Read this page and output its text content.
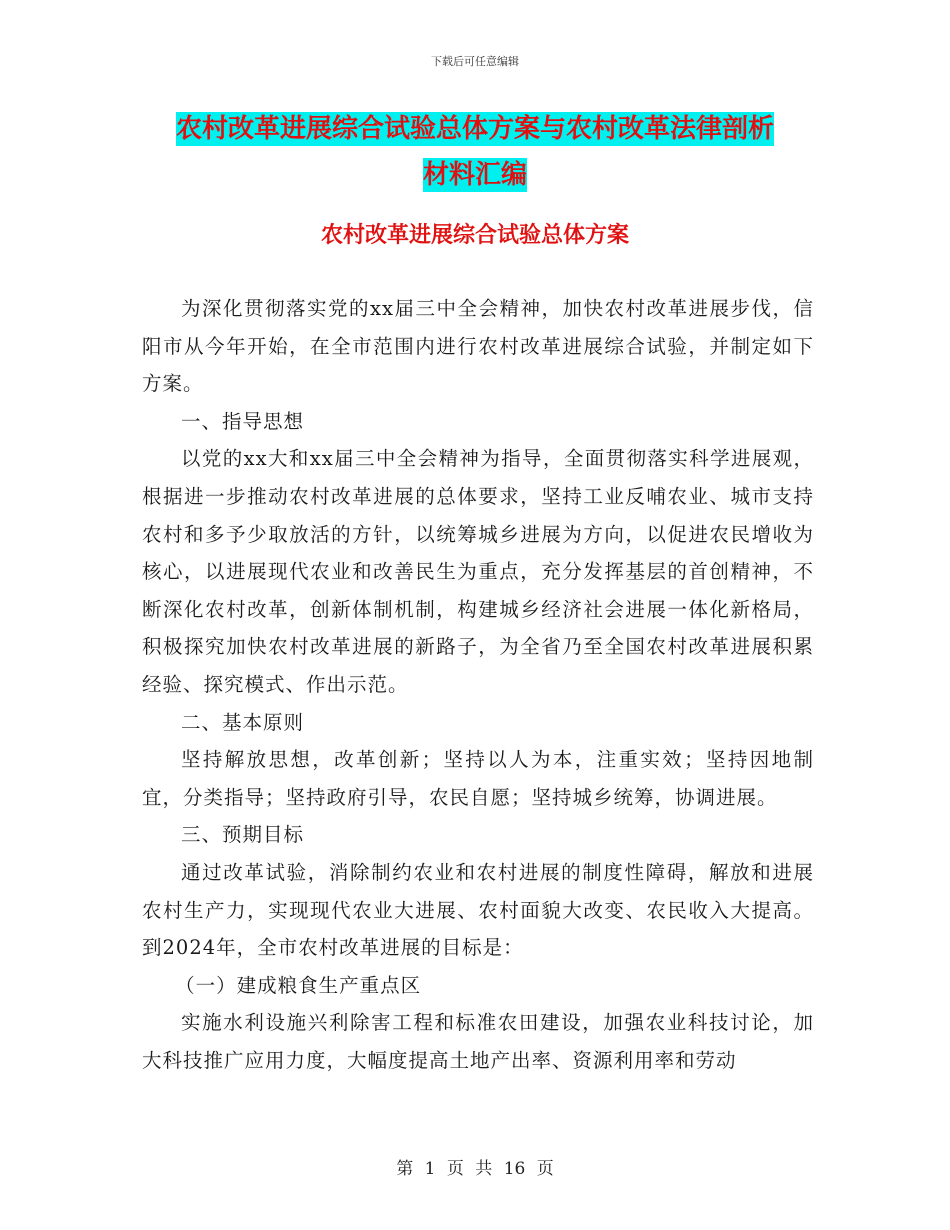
下载后可任意编辑
农村改革进展综合试验总体方案与农村改革法律剖析
材料汇编
农村改革进展综合试验总体方案

为深化贯彻落实党的xx届三中全会精神，加快农村改革进展步伐，信阳市从今年开始，在全市范围内进行农村改革进展综合试验，并制定如下方案。

一、指导思想

以党的xx大和xx届三中全会精神为指导，全面贯彻落实科学进展观，根据进一步推动农村改革进展的总体要求，坚持工业反哺农业、城市支持农村和多予少取放活的方针，以统筹城乡进展为方向，以促进农民增收为核心，以进展现代农业和改善民生为重点，充分发挥基层的首创精神，不断深化农村改革，创新体制机制，构建城乡经济社会进展一体化新格局，积极探究加快农村改革进展的新路子，为全省乃至全国农村改革进展积累经验、探究模式、作出示范。

二、基本原则

坚持解放思想，改革创新；坚持以人为本，注重实效；坚持因地制宜，分类指导；坚持政府引导，农民自愿；坚持城乡统筹，协调进展。

三、预期目标

通过改革试验，消除制约农业和农村进展的制度性障碍，解放和进展农村生产力，实现现代农业大进展、农村面貌大改变、农民收入大提高。到2024年，全市农村改革进展的目标是：

（一）建成粮食生产重点区

实施水利设施兴利除害工程和标准农田建设，加强农业科技讨论，加大科技推广应用力度，大幅度提高土地产出率、资源利用率和劳动

第 1 页 共 16 页
